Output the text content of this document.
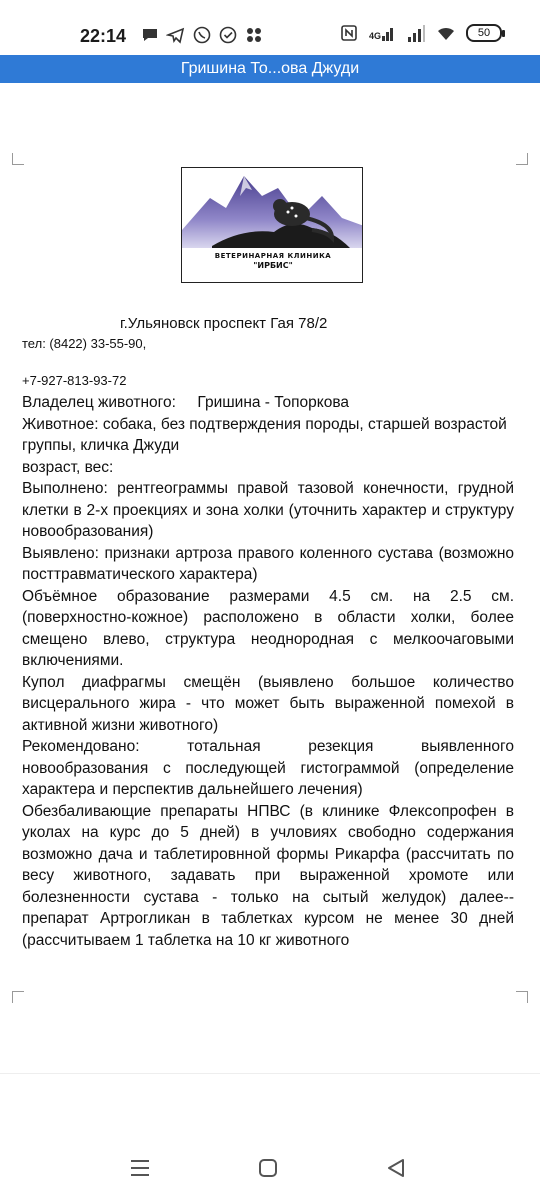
22:14	4G	50
Гришина То...ова Джуди
ВЕТЕРИНАРНАЯ КЛИНИКА
"ИРБИС"
г.Ульяновск проспект Гая 78/2
тел: (8422) 33-55-90,
+7-927-813-93-72
Владелец животного:     Гришина - Топоркова
Животное: собака, без подтверждения породы, старшей возрастой группы, кличка Джуди
возраст, вес:
Выполнено: рентгеограммы правой тазовой конечности, грудной клетки в 2-х проекциях и зона холки (уточнить характер и структуру новообразования)
Выявлено: признаки артроза правого коленного сустава (возможно посттравматического характера)
Объёмное образование размерами 4.5 см. на 2.5 см. (поверхностно-кожное) расположено в области холки, более смещено влево, структура неоднородная с мелкоочаговыми включениями.
Купол диафрагмы смещён (выявлено большое количество висцерального жира - что может быть выраженной помехой в активной жизни животного)
Рекомендовано: тотальная резекция выявленного новообразования с последующей гистограммой (определение характера и перспектив дальнейшего лечения)
Обезбаливающие препараты НПВС (в клинике Флексопрофен в уколах на курс до 5 дней) в учловиях свободно содержания возможно дача и таблетировнной формы Рикарфа (рассчитать по весу животного, задавать при выраженной хромоте или болезненности сустава - только на сытый желудок) далее--препарат Артрогликан в таблетках курсом не менее 30 дней (рассчитываем 1 таблетка на 10 кг животного
